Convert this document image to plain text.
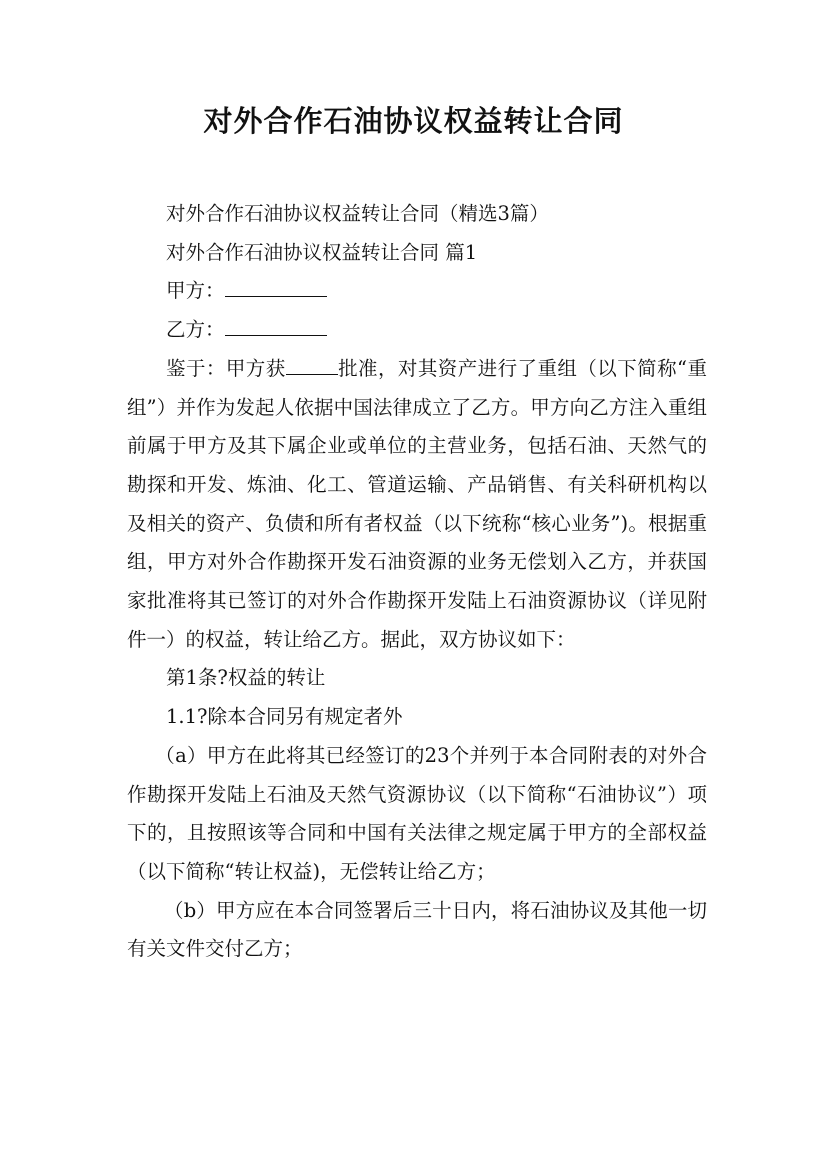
对外合作石油协议权益转让合同

对外合作石油协议权益转让合同（精选3篇）

对外合作石油协议权益转让合同 篇1

甲方：

乙方：

鉴于：甲方获	批准，对其资产进行了重组（以下简称“重组”）并作为发起人依据中国法律成立了乙方。甲方向乙方注入重组前属于甲方及其下属企业或单位的主营业务，包括石油、天然气的勘探和开发、炼油、化工、管道运输、产品销售、有关科研机构以及相关的资产、负债和所有者权益（以下统称“核心业务”)。根据重组，甲方对外合作勘探开发石油资源的业务无偿划入乙方，并获国家批准将其已签订的对外合作勘探开发陆上石油资源协议（详见附件一）的权益，转让给乙方。据此，双方协议如下：

第1条?权益的转让

1.1?除本合同另有规定者外

（a）甲方在此将其已经签订的23个并列于本合同附表的对外合作勘探开发陆上石油及天然气资源协议（以下简称“石油协议”）项下的，且按照该等合同和中国有关法律之规定属于甲方的全部权益（以下简称“转让权益)，无偿转让给乙方；

（b）甲方应在本合同签署后三十日内，将石油协议及其他一切有关文件交付乙方；
